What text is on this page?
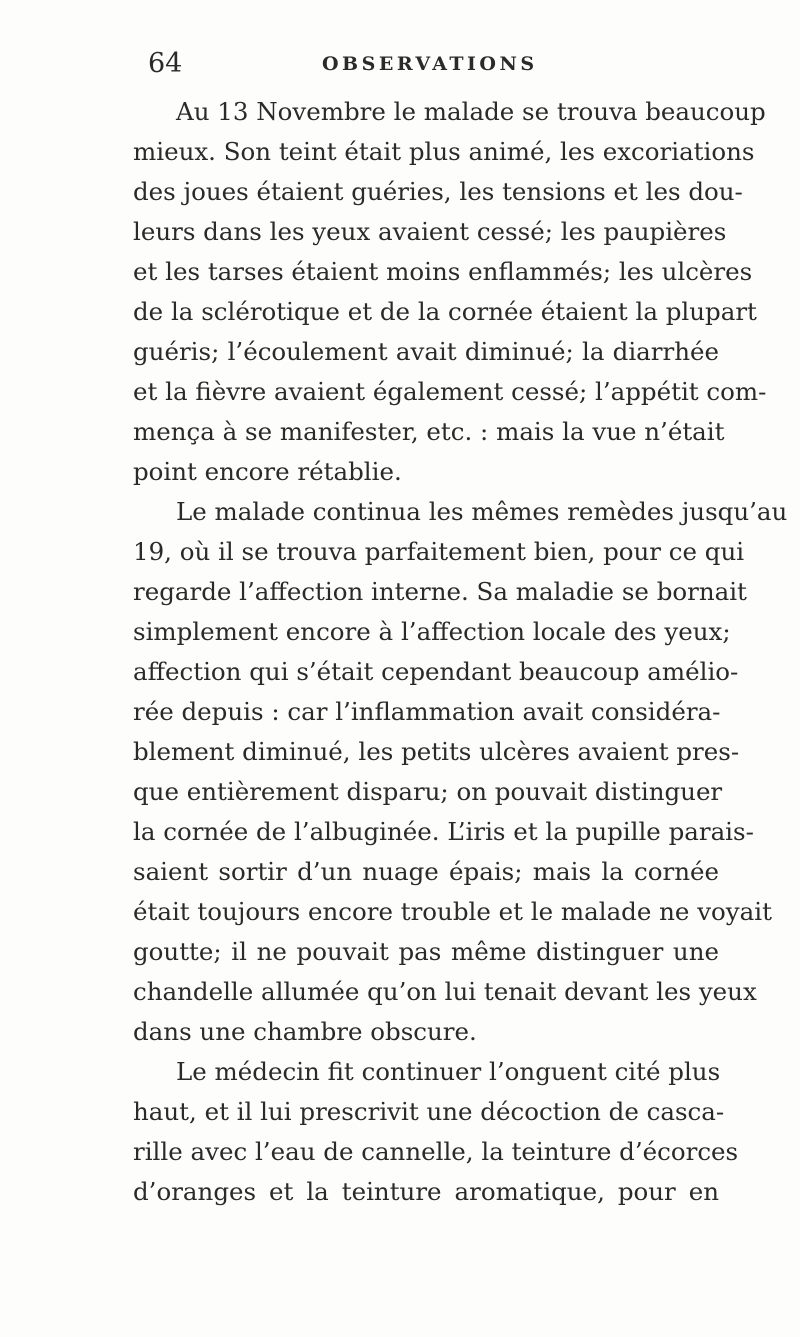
64	OBSERVATIONS
Au 13 Novembre le malade se trouva beaucoup
mieux. Son teint était plus animé, les excoriations
des joues étaient guéries, les tensions et les dou-
leurs dans les yeux avaient cessé; les paupières
et les tarses étaient moins enflammés; les ulcères
de la sclérotique et de la cornée étaient la plupart
guéris; l’écoulement avait diminué; la diarrhée
et la fièvre avaient également cessé; l’appétit com-
mença à se manifester, etc. : mais la vue n’était
point encore rétablie.
Le malade continua les mêmes remèdes jusqu’au
19, où il se trouva parfaitement bien, pour ce qui
regarde l’affection interne. Sa maladie se bornait
simplement encore à l’affection locale des yeux;
affection qui s’était cependant beaucoup amélio-
rée depuis : car l’inflammation avait considéra-
blement diminué, les petits ulcères avaient pres-
que entièrement disparu; on pouvait distinguer
la cornée de l’albuginée. L’iris et la pupille parais-
saient sortir d’un nuage épais; mais la cornée
était toujours encore trouble et le malade ne voyait
goutte; il ne pouvait pas même distinguer une
chandelle allumée qu’on lui tenait devant les yeux
dans une chambre obscure.
Le médecin fit continuer l’onguent cité plus
haut, et il lui prescrivit une décoction de casca-
rille avec l’eau de cannelle, la teinture d’écorces
d’oranges et la teinture aromatique, pour en
